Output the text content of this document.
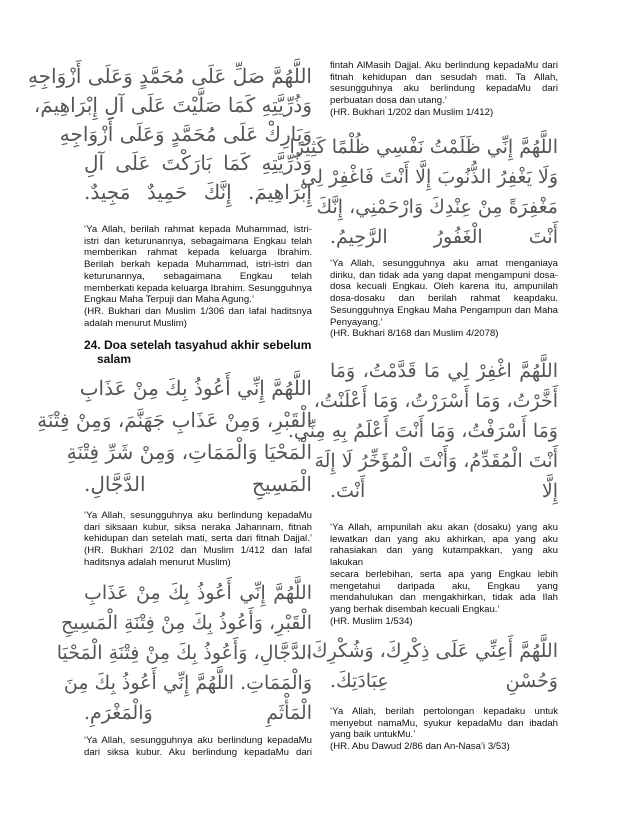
اللَّهُمَّ صَلِّ عَلَى مُحَمَّدٍ وَعَلَى أَزْوَاجِهِ
وَذُرِّيَّتِهِ كَمَا صَلَّيْتَ عَلَى آلِ إِبْرَاهِيمَ،
وَبَارِكْ عَلَى مُحَمَّدٍ وَعَلَى أَزْوَاجِهِ
وَذُرِّيَّتِهِ كَمَا بَارَكْتَ عَلَى آلِ
إِبْرَاهِيمَ. إِنَّكَ حَمِيدٌ مَجِيدٌ.
‘Ya Allah, berilah rahmat kepada Muhammad, istri-
istri dan keturunannya, sebagaimana Engkau telah
memberikan rahmat kepada keluarga Ibrahim.
Berilah berkah kepada Muhammad, istri-istri dan
keturunannya, sebagaimana Engkau telah
memberkati kepada keluarga Ibrahim. Sesungguhnya
Engkau Maha Terpuji dan Maha Agung.’
(HR. Bukhari dan Muslim 1/306 dan lafal haditsnya
adalah menurut Muslim)
24. Doa setelah tasyahud akhir sebelum
salam
اللَّهُمَّ إِنِّي أَعُوذُ بِكَ مِنْ عَذَابِ
الْقَبْرِ، وَمِنْ عَذَابِ جَهَنَّمَ، وَمِنْ فِتْنَةِ
الْمَحْيَا وَالْمَمَاتِ، وَمِنْ شَرِّ فِتْنَةِ
الْمَسِيحِ الدَّجَّالِ.
‘Ya Allah, sesungguhnya aku berlindung kepadaMu
dari siksaan kubur, siksa neraka Jahannam, fitnah
kehidupan dan setelah mati, serta dari fitnah Dajjal.’
(HR. Bukhari 2/102 dan Muslim 1/412 dan lafal
haditsnya adalah menurut Muslim)
اللَّهُمَّ إِنِّي أَعُوذُ بِكَ مِنْ عَذَابِ
الْقَبْرِ، وَأَعُوذُ بِكَ مِنْ فِتْنَةِ الْمَسِيحِ
الدَّجَّالِ، وَأَعُوذُ بِكَ مِنْ فِتْنَةِ الْمَحْيَا
وَالْمَمَاتِ. اللَّهُمَّ إِنِّي أَعُوذُ بِكَ مِنَ
الْمَأْثَمِ وَالْمَغْرَمِ.
‘Ya Allah, sesungguhnya aku berlindung kepadaMu
dari siksa kubur. Aku berlindung kepadaMu dari
fintah AlMasih Dajjal. Aku berlindung kepadaMu dari
fitnah kehidupan dan sesudah mati. Ta Allah,
sesungguhnya aku berlindung kepadaMu dari
perbuatan dosa dan utang.’
(HR. Bukhari 1/202 dan Muslim 1/412)
اللَّهُمَّ إِنِّي ظَلَمْتُ نَفْسِي ظُلْمًا كَثِيرًا
وَلَا يَغْفِرُ الذُّنُوبَ إِلَّا أَنْتَ فَاغْفِرْ لِي
مَغْفِرَةً مِنْ عِنْدِكَ وَارْحَمْنِي، إِنَّكَ
أَنْتَ الْغَفُورُ الرَّحِيمُ.
‘Ya Allah, sesungguhnya aku amat menganiaya
diriku, dan tidak ada yang dapat mengampuni dosa-
dosa kecuali Engkau. Oleh karena itu, ampunilah
dosa-dosaku dan berilah rahmat keapdaku.
Sesungguhnya Engkau Maha Pengampun dan Maha
Penyayang.’
(HR. Bukhari 8/168 dan Muslim 4/2078)
اللَّهُمَّ اغْفِرْ لِي مَا قَدَّمْتُ، وَمَا
أَخَّرْتُ، وَمَا أَسْرَرْتُ، وَمَا أَعْلَنْتُ،
وَمَا أَسْرَفْتُ، وَمَا أَنْتَ أَعْلَمُ بِهِ مِنِّي.
أَنْتَ الْمُقَدِّمُ، وَأَنْتَ الْمُؤَخِّرُ لَا إِلَهَ
إِلَّا أَنْتَ.
‘Ya Allah, ampunilah aku akan (dosaku) yang aku
lewatkan dan yang aku akhirkan, apa yang aku
rahasiakan dan yang kutampakkan, yang aku lakukan
secara berlebihan, serta apa yang Engkau lebih
mengetahui daripada aku, Engkau yang
mendahulukan dan mengakhirkan, tidak ada Ilah
yang berhak disembah kecuali Engkau.’
(HR. Muslim 1/534)
اللَّهُمَّ أَعِنِّي عَلَى ذِكْرِكَ، وَشُكْرِكَ،
وَحُسْنِ عِبَادَتِكَ.
‘Ya Allah, berilah pertolongan kepadaku untuk
menyebut namaMu, syukur kepadaMu dan ibadah
yang baik untukMu.’
(HR. Abu Dawud 2/86 dan An-Nasa’i 3/53)
